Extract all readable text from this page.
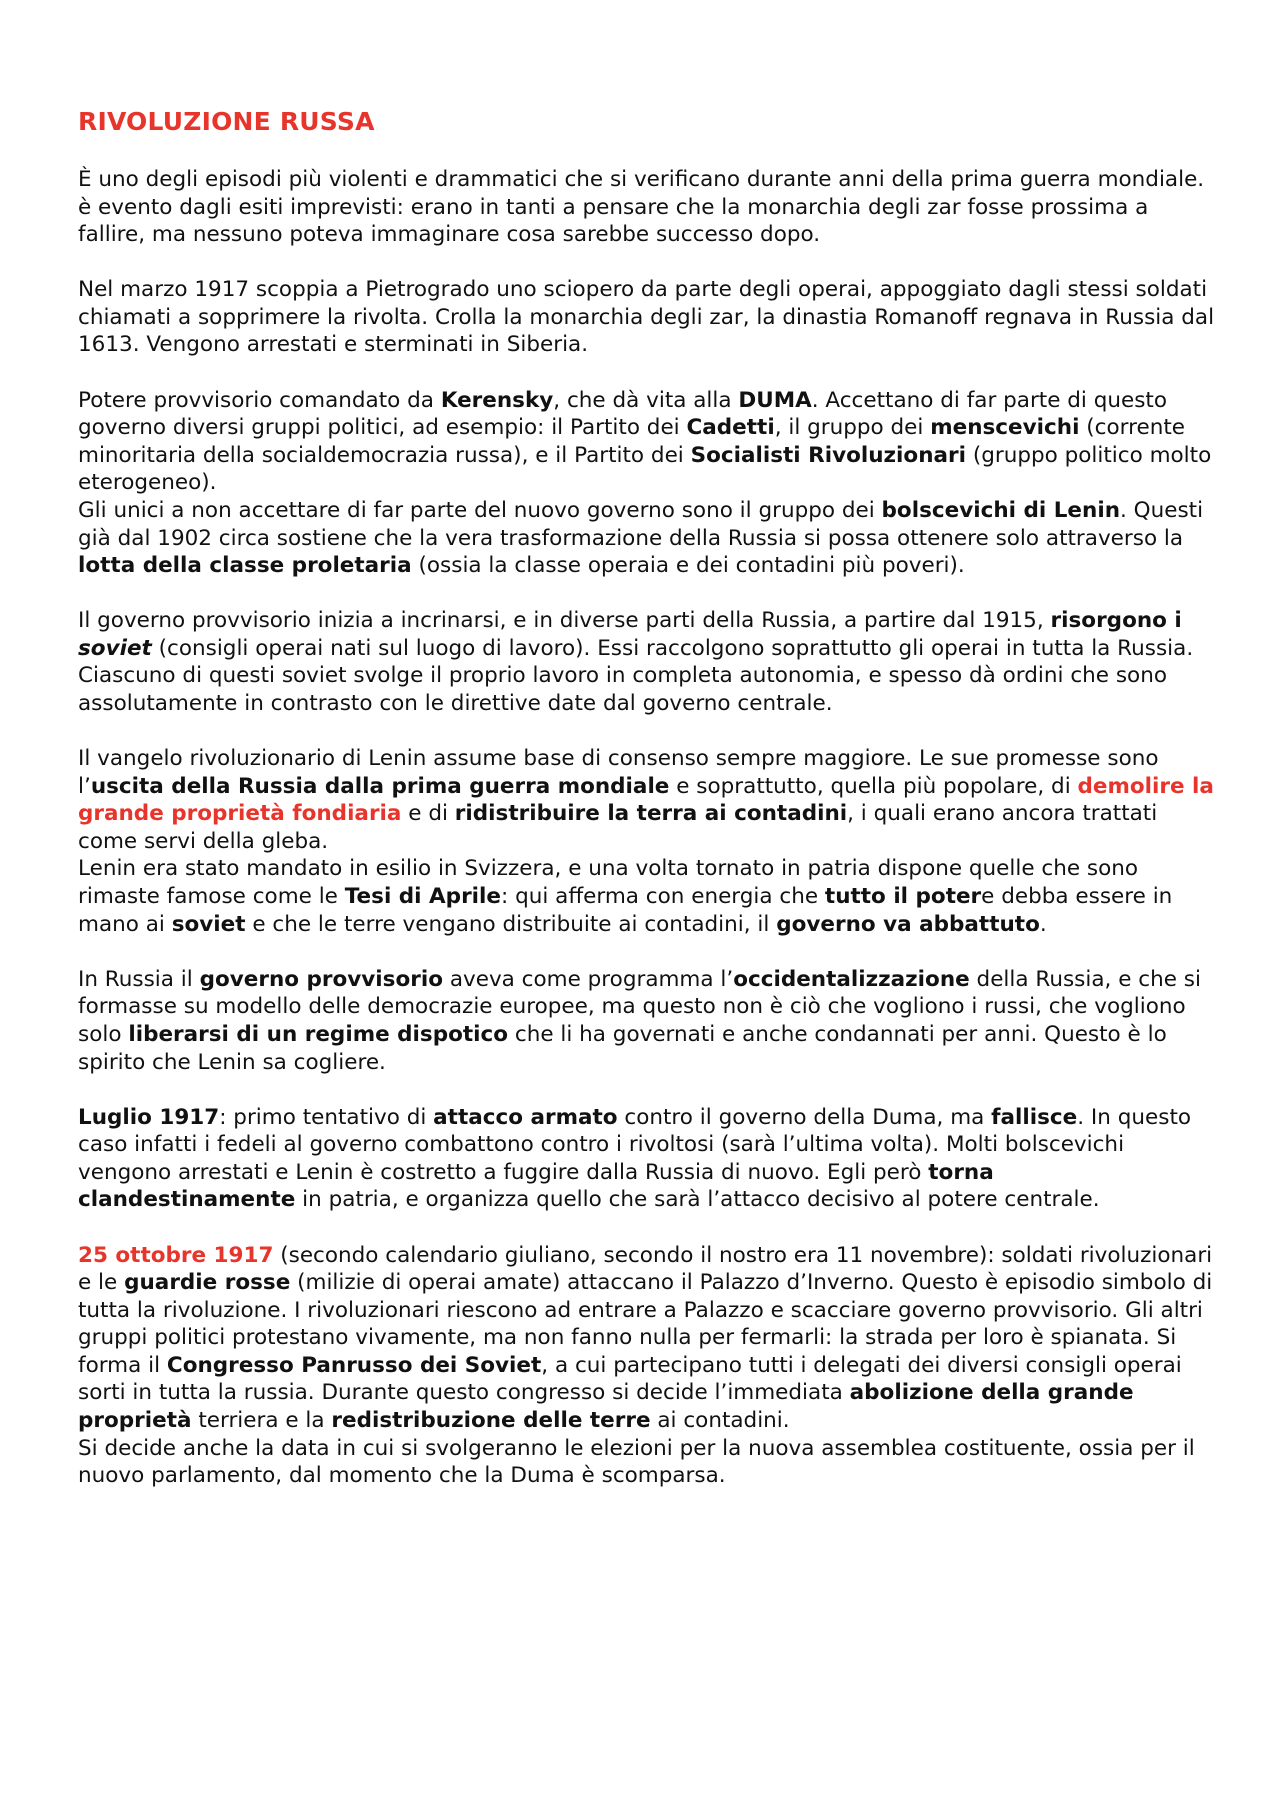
RIVOLUZIONE RUSSA

È uno degli episodi più violenti e drammatici che si verificano durante anni della prima guerra mondiale. è evento dagli esiti imprevisti: erano in tanti a pensare che la monarchia degli zar fosse prossima a fallire, ma nessuno poteva immaginare cosa sarebbe successo dopo.

Nel marzo 1917 scoppia a Pietrogrado uno sciopero da parte degli operai, appoggiato dagli stessi soldati chiamati a sopprimere la rivolta. Crolla la monarchia degli zar, la dinastia Romanoff regnava in Russia dal 1613. Vengono arrestati e sterminati in Siberia.

Potere provvisorio comandato da Kerensky, che dà vita alla DUMA. Accettano di far parte di questo governo diversi gruppi politici, ad esempio: il Partito dei Cadetti, il gruppo dei menscevichi (corrente minoritaria della socialdemocrazia russa), e il Partito dei Socialisti Rivoluzionari (gruppo politico molto eterogeneo).

Gli unici a non accettare di far parte del nuovo governo sono il gruppo dei bolscevichi di Lenin. Questi già dal 1902 circa sostiene che la vera trasformazione della Russia si possa ottenere solo attraverso la lotta della classe proletaria (ossia la classe operaia e dei contadini più poveri).

Il governo provvisorio inizia a incrinarsi, e in diverse parti della Russia, a partire dal 1915, risorgono i soviet (consigli operai nati sul luogo di lavoro). Essi raccolgono soprattutto gli operai in tutta la Russia. Ciascuno di questi soviet svolge il proprio lavoro in completa autonomia, e spesso dà ordini che sono assolutamente in contrasto con le direttive date dal governo centrale.

Il vangelo rivoluzionario di Lenin assume base di consenso sempre maggiore. Le sue promesse sono l’uscita della Russia dalla prima guerra mondiale e soprattutto, quella più popolare, di demolire la grande proprietà fondiaria e di ridistribuire la terra ai contadini, i quali erano ancora trattati come servi della gleba.

Lenin era stato mandato in esilio in Svizzera, e una volta tornato in patria dispone quelle che sono rimaste famose come le Tesi di Aprile: qui afferma con energia che tutto il potere debba essere in mano ai soviet e che le terre vengano distribuite ai contadini, il governo va abbattuto.

In Russia il governo provvisorio aveva come programma l’occidentalizzazione della Russia, e che si formasse su modello delle democrazie europee, ma questo non è ciò che vogliono i russi, che vogliono solo liberarsi di un regime dispotico che li ha governati e anche condannati per anni. Questo è lo spirito che Lenin sa cogliere.

Luglio 1917: primo tentativo di attacco armato contro il governo della Duma, ma fallisce. In questo caso infatti i fedeli al governo combattono contro i rivoltosi (sarà l’ultima volta). Molti bolscevichi vengono arrestati e Lenin è costretto a fuggire dalla Russia di nuovo. Egli però torna clandestinamente in patria, e organizza quello che sarà l’attacco decisivo al potere centrale.

25 ottobre 1917 (secondo calendario giuliano, secondo il nostro era 11 novembre): soldati rivoluzionari e le guardie rosse (milizie di operai amate) attaccano il Palazzo d’Inverno. Questo è episodio simbolo di tutta la rivoluzione. I rivoluzionari riescono ad entrare a Palazzo e scacciare governo provvisorio. Gli altri gruppi politici protestano vivamente, ma non fanno nulla per fermarli: la strada per loro è spianata. Si forma il Congresso Panrusso dei Soviet, a cui partecipano tutti i delegati dei diversi consigli operai sorti in tutta la russia. Durante questo congresso si decide l’immediata abolizione della grande proprietà terriera e la redistribuzione delle terre ai contadini.

Si decide anche la data in cui si svolgeranno le elezioni per la nuova assemblea costituente, ossia per il nuovo parlamento, dal momento che la Duma è scomparsa.
